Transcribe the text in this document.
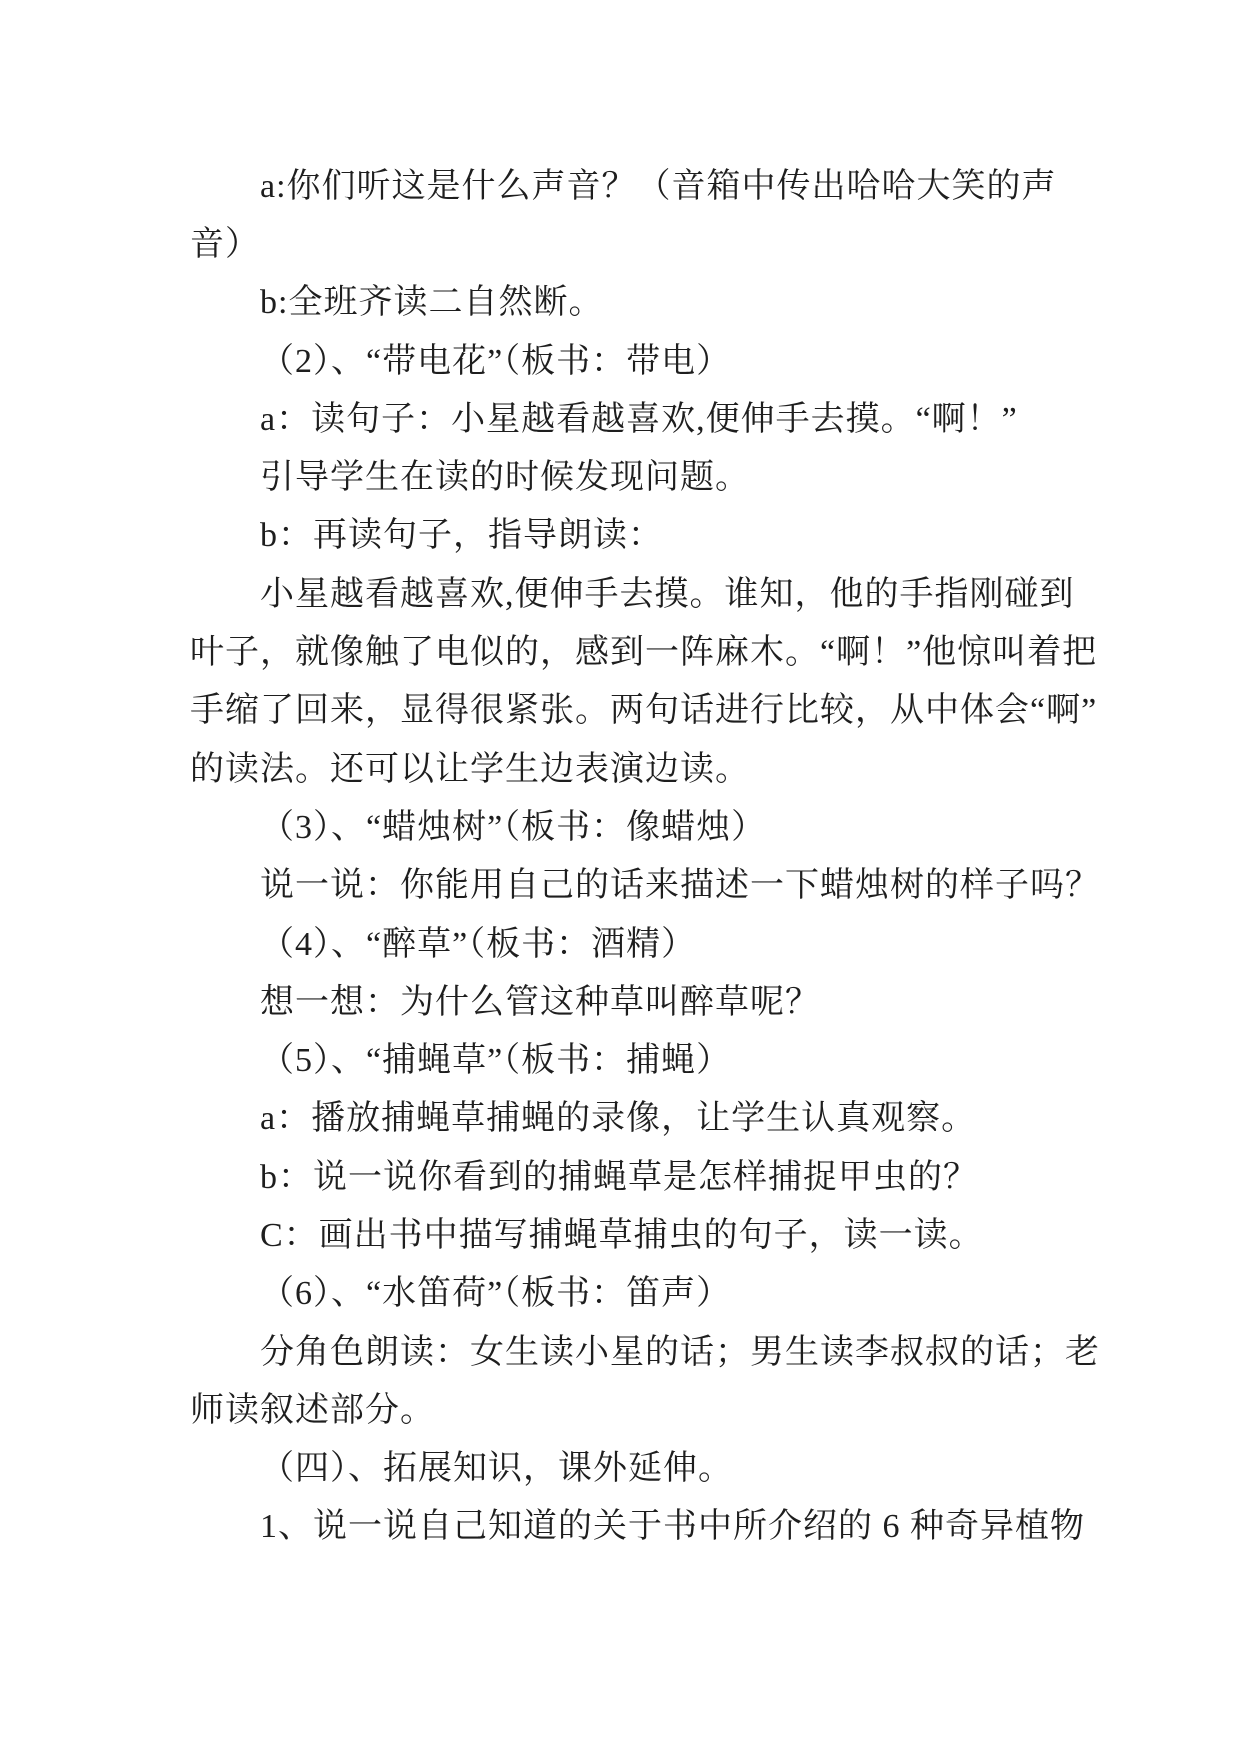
a:你们听这是什么声音？（音箱中传出哈哈大笑的声
音）
b:全班齐读二自然断。
（2）、“带电花”（板书：带电）
a：读句子：小星越看越喜欢,便伸手去摸。“啊！”
引导学生在读的时候发现问题。
b：再读句子，指导朗读：
小星越看越喜欢,便伸手去摸。谁知，他的手指刚碰到
叶子，就像触了电似的，感到一阵麻木。“啊！”他惊叫着把
手缩了回来，显得很紧张。两句话进行比较，从中体会“啊”
的读法。还可以让学生边表演边读。
（3）、“蜡烛树”（板书：像蜡烛）
说一说：你能用自己的话来描述一下蜡烛树的样子吗？
（4）、“醉草”（板书：酒精）
想一想：为什么管这种草叫醉草呢？
（5）、“捕蝇草”（板书：捕蝇）
a：播放捕蝇草捕蝇的录像，让学生认真观察。
b：说一说你看到的捕蝇草是怎样捕捉甲虫的？
C：画出书中描写捕蝇草捕虫的句子，读一读。
（6）、“水笛荷”（板书：笛声）
分角色朗读：女生读小星的话；男生读李叔叔的话；老
师读叙述部分。
（四）、拓展知识，课外延伸。
1、说一说自己知道的关于书中所介绍的 6 种奇异植物
